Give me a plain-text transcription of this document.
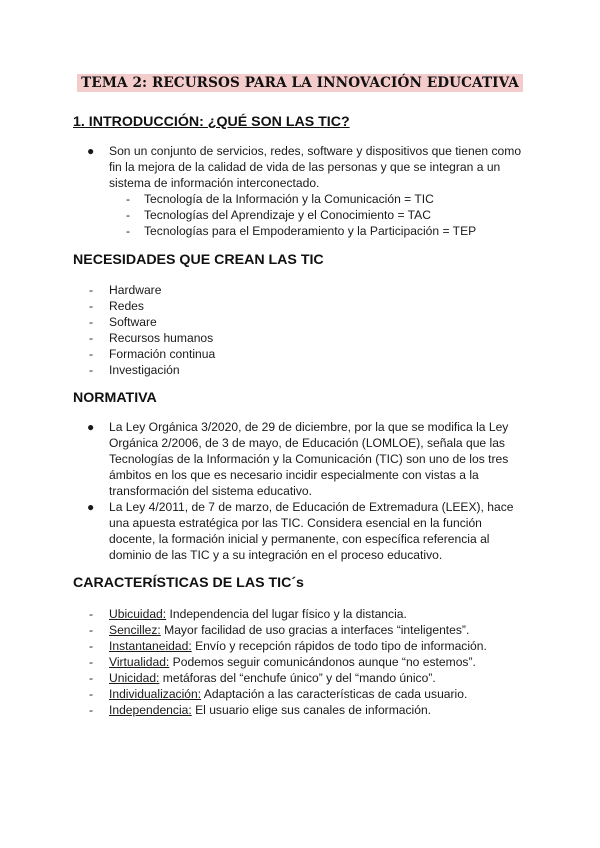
TEMA 2: RECURSOS PARA LA INNOVACIÓN EDUCATIVA
1. INTRODUCCIÓN: ¿QUÉ SON LAS TIC?
● Son un conjunto de servicios, redes, software y dispositivos que tienen como
fin la mejora de la calidad de vida de las personas y que se integran a un
sistema de información interconectado.
- Tecnología de la Información y la Comunicación = TIC
- Tecnologías del Aprendizaje y el Conocimiento = TAC
- Tecnologías para el Empoderamiento y la Participación = TEP
NECESIDADES QUE CREAN LAS TIC
- Hardware
- Redes
- Software
- Recursos humanos
- Formación continua
- Investigación
NORMATIVA
● La Ley Orgánica 3/2020, de 29 de diciembre, por la que se modifica la Ley
Orgánica 2/2006, de 3 de mayo, de Educación (LOMLOE), señala que las
Tecnologías de la Información y la Comunicación (TIC) son uno de los tres
ámbitos en los que es necesario incidir especialmente con vistas a la
transformación del sistema educativo.
● La Ley 4/2011, de 7 de marzo, de Educación de Extremadura (LEEX), hace
una apuesta estratégica por las TIC. Considera esencial en la función
docente, la formación inicial y permanente, con específica referencia al
dominio de las TIC y a su integración en el proceso educativo.
CARACTERÍSTICAS DE LAS TIC´s
- Ubicuidad: Independencia del lugar físico y la distancia.
- Sencillez: Mayor facilidad de uso gracias a interfaces “inteligentes”.
- Instantaneidad: Envío y recepción rápidos de todo tipo de información.
- Virtualidad: Podemos seguir comunicándonos aunque “no estemos”.
- Unicidad: metáforas del “enchufe único” y del “mando único”.
- Individualización: Adaptación a las características de cada usuario.
- Independencia: El usuario elige sus canales de información.
